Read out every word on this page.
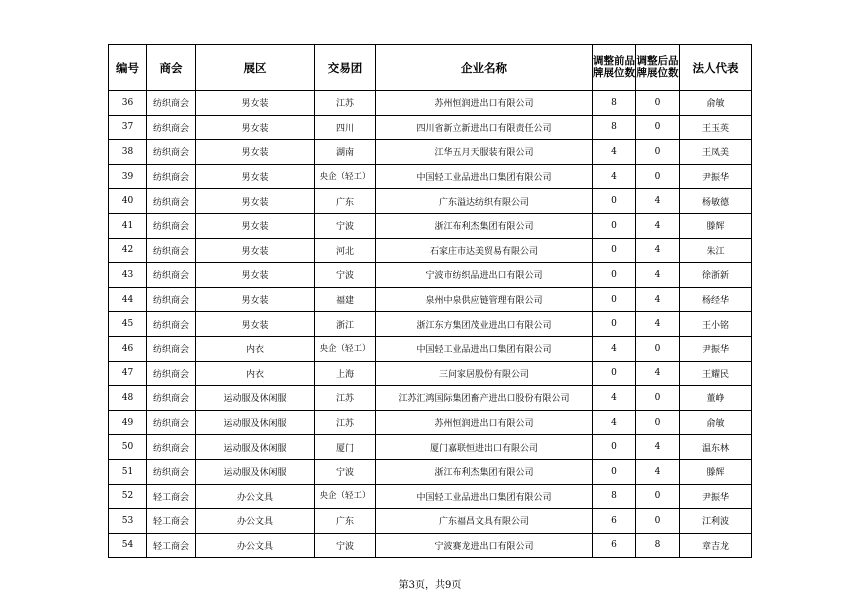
编号	商会	展区	交易团	企业名称	调整前品牌展位数	调整后品牌展位数	法人代表
36	纺织商会	男女装	江苏	苏州恒润进出口有限公司	8	0	俞敏
37	纺织商会	男女装	四川	四川省新立新进出口有限责任公司	8	0	王玉英
38	纺织商会	男女装	湖南	江华五月天服装有限公司	4	0	王凤美
39	纺织商会	男女装	央企（轻工）	中国轻工业品进出口集团有限公司	4	0	尹振华
40	纺织商会	男女装	广东	广东溢达纺织有限公司	0	4	杨敏德
41	纺织商会	男女装	宁波	浙江布利杰集团有限公司	0	4	滕辉
42	纺织商会	男女装	河北	石家庄市达美贸易有限公司	0	4	朱江
43	纺织商会	男女装	宁波	宁波市纺织品进出口有限公司	0	4	徐浙新
44	纺织商会	男女装	福建	泉州中泉供应链管理有限公司	0	4	杨经华
45	纺织商会	男女装	浙江	浙江东方集团茂业进出口有限公司	0	4	王小铭
46	纺织商会	内衣	央企（轻工）	中国轻工业品进出口集团有限公司	4	0	尹振华
47	纺织商会	内衣	上海	三问家居股份有限公司	0	4	王耀民
48	纺织商会	运动服及休闲服	江苏	江苏汇鸿国际集团畜产进出口股份有限公司	4	0	董峥
49	纺织商会	运动服及休闲服	江苏	苏州恒润进出口有限公司	4	0	俞敏
50	纺织商会	运动服及休闲服	厦门	厦门嘉联恒进出口有限公司	0	4	温东林
51	纺织商会	运动服及休闲服	宁波	浙江布利杰集团有限公司	0	4	滕辉
52	轻工商会	办公文具	央企（轻工）	中国轻工业品进出口集团有限公司	8	0	尹振华
53	轻工商会	办公文具	广东	广东福昌文具有限公司	6	0	江利波
54	轻工商会	办公文具	宁波	宁波赛龙进出口有限公司	6	8	章吉龙
第3页，共9页
